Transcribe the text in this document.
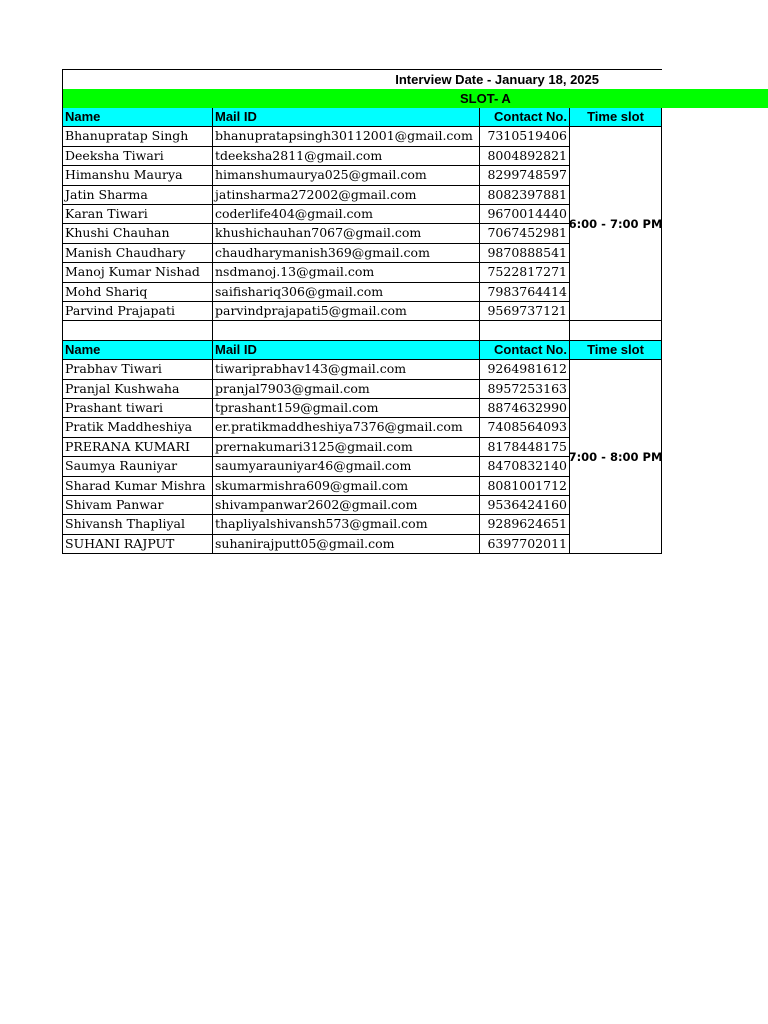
Interview Date - January 18, 2025
SLOT- A
Name	Mail ID	Contact No.	Time slot
Bhanupratap Singh	bhanupratapsingh30112001@gmail.com	7310519406
Deeksha Tiwari	tdeeksha2811@gmail.com	8004892821
Himanshu Maurya	himanshumaurya025@gmail.com	8299748597
Jatin Sharma	jatinsharma272002@gmail.com	8082397881
Karan Tiwari	coderlife404@gmail.com	9670014440
Khushi Chauhan	khushichauhan7067@gmail.com	7067452981
Manish Chaudhary	chaudharymanish369@gmail.com	9870888541
Manoj Kumar Nishad	nsdmanoj.13@gmail.com	7522817271
Mohd Shariq	saifishariq306@gmail.com	7983764414
Parvind Prajapati	parvindprajapati5@gmail.com	9569737121
6:00 - 7:00 PM
Name	Mail ID	Contact No.	Time slot
Prabhav Tiwari	tiwariprabhav143@gmail.com	9264981612
Pranjal Kushwaha	pranjal7903@gmail.com	8957253163
Prashant tiwari	tprashant159@gmail.com	8874632990
Pratik Maddheshiya	er.pratikmaddheshiya7376@gmail.com	7408564093
PRERANA KUMARI	prernakumari3125@gmail.com	8178448175
Saumya Rauniyar	saumyarauniyar46@gmail.com	8470832140
Sharad Kumar Mishra skumarmishra609@gmail.com	8081001712
Shivam Panwar	shivampanwar2602@gmail.com	9536424160
Shivansh Thapliyal	thapliyalshivansh573@gmail.com	9289624651
SUHANI RAJPUT	suhanirajputt05@gmail.com	6397702011
7:00 - 8:00 PM
